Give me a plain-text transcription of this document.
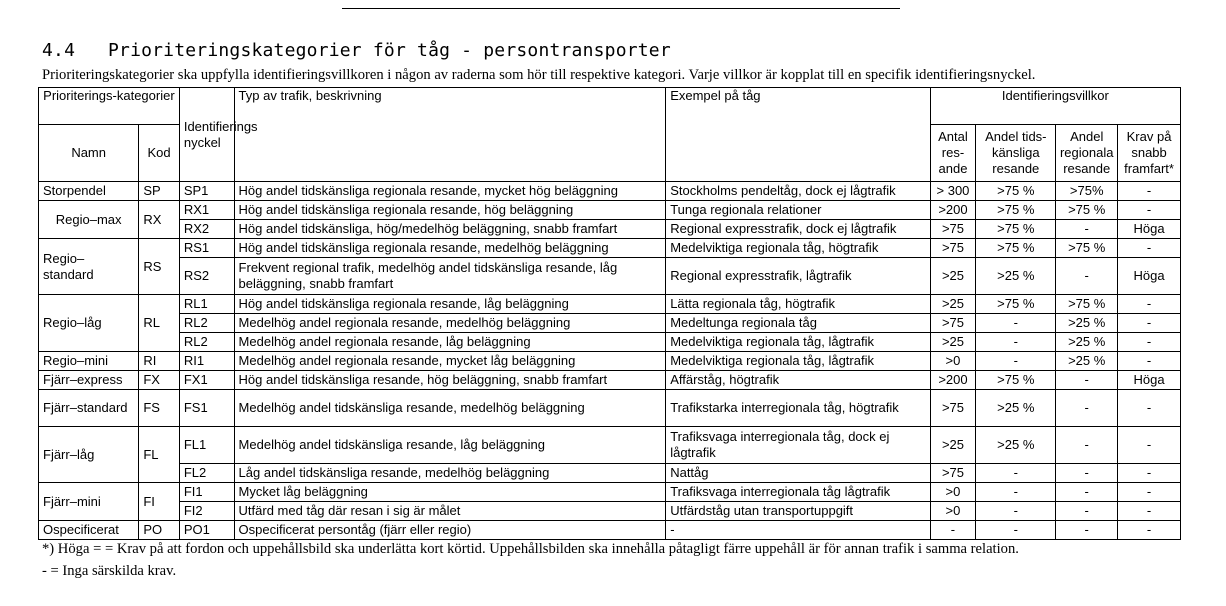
4.4 Prioriteringskategorier för tåg - persontransporter
Prioriteringskategorier ska uppfylla identifieringsvillkoren i någon av raderna som hör till respektive kategori. Varje villkor är kopplat till en specifik identifieringsnyckel.
Prioriterings-kategorier		Identifierings nyckel	Typ av trafik, beskrivning	Exempel på tåg	Identifieringsvillkor			
Namn	Kod				Antal res-ande	Andel tids-känsliga resande	Andel regionala resande	Krav på snabb framfart*
Storpendel	SP	SP1	Hög andel tidskänsliga regionala resande, mycket hög beläggning	Stockholms pendeltåg, dock ej lågtrafik	> 300	>75 %	>75%	-
Regio–max	RX	RX1	Hög andel tidskänsliga regionala resande, hög beläggning	Tunga regionala relationer	>200	>75 %	>75 %	-
		RX2	Hög andel tidskänsliga, hög/medelhög beläggning, snabb framfart	Regional expresstrafik, dock ej lågtrafik	>75	>75 %	-	Höga
Regio–standard	RS	RS1	Hög andel tidskänsliga regionala resande, medelhög beläggning	Medelviktiga regionala tåg, högtrafik	>75	>75 %	>75 %	-
		RS2	Frekvent regional trafik, medelhög andel tidskänsliga resande, låg beläggning, snabb framfart	Regional expresstrafik, lågtrafik	>25	>25 %	-	Höga
Regio–låg	RL	RL1	Hög andel tidskänsliga regionala resande, låg beläggning	Lätta regionala tåg, högtrafik	>25	>75 %	>75 %	-
		RL2	Medelhög andel regionala resande, medelhög beläggning	Medeltunga regionala tåg	>75	-	>25 %	-
		RL2	Medelhög andel regionala resande, låg beläggning	Medelviktiga regionala tåg, lågtrafik	>25	-	>25 %	-
Regio–mini	RI	RI1	Medelhög andel regionala resande, mycket låg beläggning	Medelviktiga regionala tåg, lågtrafik	>0	-	>25 %	-
Fjärr–express	FX	FX1	Hög andel tidskänsliga resande, hög beläggning, snabb framfart	Affärståg, högtrafik	>200	>75 %	-	Höga
Fjärr–standard	FS	FS1	Medelhög andel tidskänsliga resande, medelhög beläggning	Trafikstarka interregionala tåg, högtrafik	>75	>25 %	-	-
Fjärr–låg	FL	FL1	Medelhög andel tidskänsliga resande, låg beläggning	Trafiksvaga interregionala tåg, dock ej lågtrafik	>25	>25 %	-	-
		FL2	Låg andel tidskänsliga resande, medelhög beläggning	Nattåg	>75	-	-	-
Fjärr–mini	FI	FI1	Mycket låg beläggning	Trafiksvaga interregionala tåg lågtrafik	>0	-	-	-
		FI2	Utfärd med tåg där resan i sig är målet	Utfärdståg utan transportuppgift	>0	-	-	-
Ospecificerat	PO	PO1	Ospecificerat persontåg (fjärr eller regio)	-	-	-	-	-
*) Höga = = Krav på att fordon och uppehållsbild ska underlätta kort körtid. Uppehållsbilden ska innehålla påtagligt färre uppehåll är för annan trafik i samma relation.
- = Inga särskilda krav.
